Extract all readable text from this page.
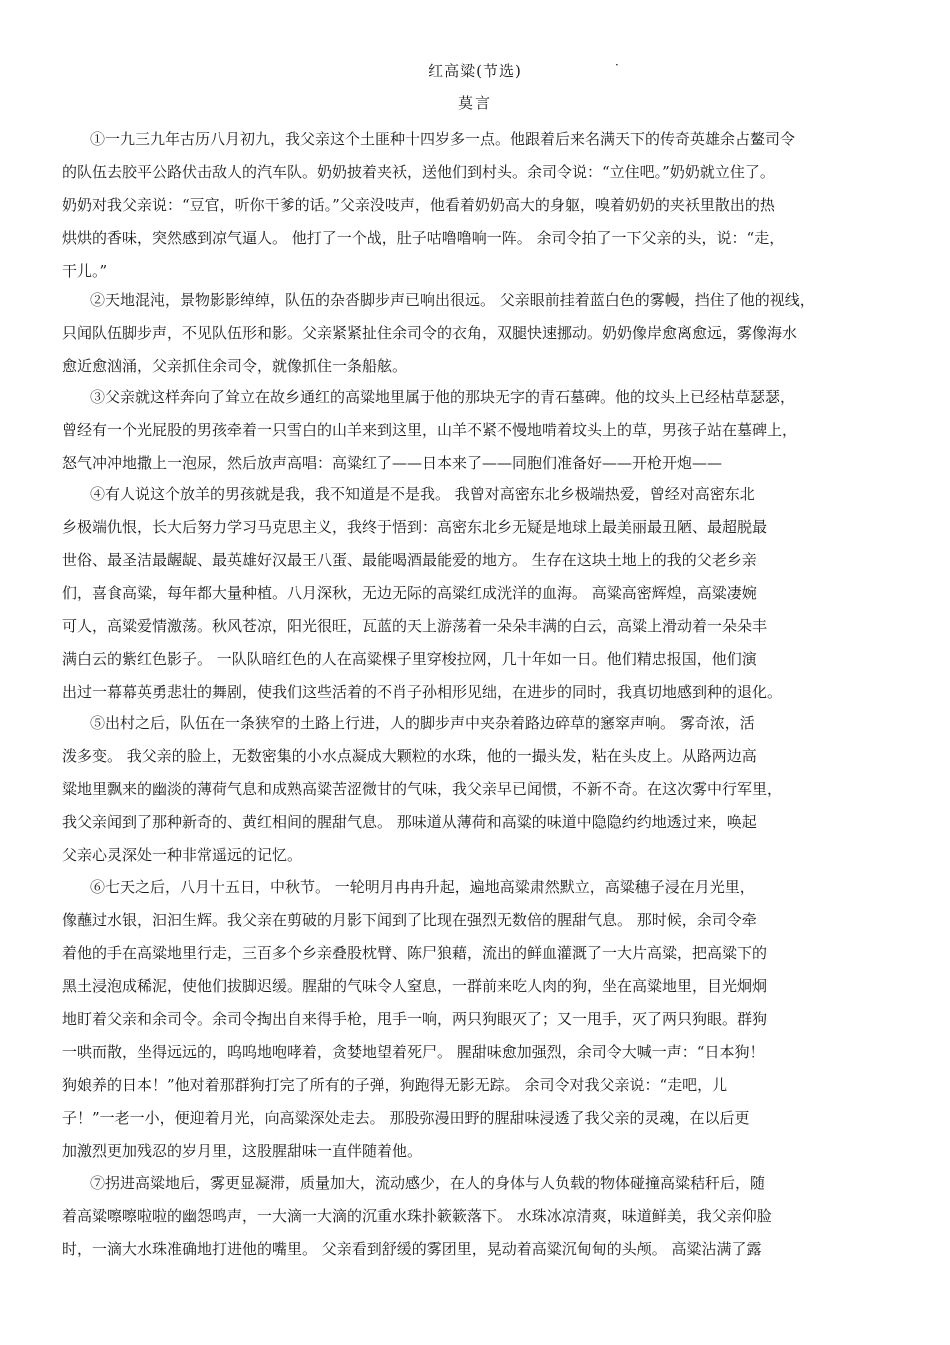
红高粱(节选)	·
莫言
①一九三九年古历八月初九，我父亲这个土匪种十四岁多一点。他跟着后来名满天下的传奇英雄余占鳌司令
的队伍去胶平公路伏击敌人的汽车队。奶奶披着夹袄，送他们到村头。余司令说：“立住吧。”奶奶就立住了。
奶奶对我父亲说：“豆官，听你干爹的话。”父亲没吱声，他看着奶奶高大的身躯，嗅着奶奶的夹袄里散出的热
烘烘的香味，突然感到凉气逼人。 他打了一个战，肚子咕噜噜响一阵。 余司令拍了一下父亲的头，说：“走，
干儿。”
②天地混沌，景物影影绰绰，队伍的杂沓脚步声已响出很远。 父亲眼前挂着蓝白色的雾幔，挡住了他的视线，
只闻队伍脚步声，不见队伍形和影。父亲紧紧扯住余司令的衣角，双腿快速挪动。奶奶像岸愈离愈远，雾像海水
愈近愈汹涌，父亲抓住余司令，就像抓住一条船舷。
③父亲就这样奔向了耸立在故乡通红的高粱地里属于他的那块无字的青石墓碑。他的坟头上已经枯草瑟瑟，
曾经有一个光屁股的男孩牵着一只雪白的山羊来到这里，山羊不紧不慢地啃着坟头上的草，男孩子站在墓碑上，
怒气冲冲地撒上一泡尿，然后放声高唱：高粱红了——日本来了——同胞们准备好——开枪开炮——
④有人说这个放羊的男孩就是我，我不知道是不是我。 我曾对高密东北乡极端热爱，曾经对高密东北
乡极端仇恨，长大后努力学习马克思主义，我终于悟到：高密东北乡无疑是地球上最美丽最丑陋、最超脱最
世俗、最圣洁最龌龊、最英雄好汉最王八蛋、最能喝酒最能爱的地方。 生存在这块土地上的我的父老乡亲
们，喜食高粱，每年都大量种植。八月深秋，无边无际的高粱红成洸洋的血海。 高粱高密辉煌，高粱凄婉
可人，高粱爱情激荡。秋风苍凉，阳光很旺，瓦蓝的天上游荡着一朵朵丰满的白云，高粱上滑动着一朵朵丰
满白云的紫红色影子。 一队队暗红色的人在高粱棵子里穿梭拉网，几十年如一日。他们精忠报国，他们演
出过一幕幕英勇悲壮的舞剧，使我们这些活着的不肖子孙相形见绌，在进步的同时，我真切地感到种的退化。
⑤出村之后，队伍在一条狭窄的土路上行进，人的脚步声中夹杂着路边碎草的窸窣声响。 雾奇浓，活
泼多变。 我父亲的脸上，无数密集的小水点凝成大颗粒的水珠，他的一撮头发，粘在头皮上。从路两边高
粱地里飘来的幽淡的薄荷气息和成熟高粱苦涩微甘的气味，我父亲早已闻惯，不新不奇。在这次雾中行军里，
我父亲闻到了那种新奇的、黄红相间的腥甜气息。 那味道从薄荷和高粱的味道中隐隐约约地透过来，唤起
父亲心灵深处一种非常遥远的记忆。
⑥七天之后，八月十五日，中秋节。 一轮明月冉冉升起，遍地高粱肃然默立，高粱穗子浸在月光里，
像蘸过水银，汩汩生辉。我父亲在剪破的月影下闻到了比现在强烈无数倍的腥甜气息。 那时候，余司令牵
着他的手在高粱地里行走，三百多个乡亲叠股枕臂、陈尸狼藉，流出的鲜血灌溉了一大片高粱，把高粱下的
黑土浸泡成稀泥，使他们拔脚迟缓。腥甜的气味令人窒息，一群前来吃人肉的狗，坐在高粱地里，目光炯炯
地盯着父亲和余司令。余司令掏出自来得手枪，甩手一响，两只狗眼灭了；又一甩手，灭了两只狗眼。群狗
一哄而散，坐得远远的，呜呜地咆哮着，贪婪地望着死尸。 腥甜味愈加强烈，余司令大喊一声：“日本狗！
狗娘养的日本！”他对着那群狗打完了所有的子弹，狗跑得无影无踪。 余司令对我父亲说：“走吧，儿
子！”一老一小，便迎着月光，向高粱深处走去。 那股弥漫田野的腥甜味浸透了我父亲的灵魂，在以后更
加激烈更加残忍的岁月里，这股腥甜味一直伴随着他。
⑦拐进高粱地后，雾更显凝滞，质量加大，流动感少，在人的身体与人负载的物体碰撞高粱秸秆后，随
着高粱嚓嚓啦啦的幽怨鸣声，一大滴一大滴的沉重水珠扑簌簌落下。 水珠冰凉清爽，味道鲜美，我父亲仰脸
时，一滴大水珠准确地打进他的嘴里。 父亲看到舒缓的雾团里，晃动着高粱沉甸甸的头颅。 高粱沾满了露
